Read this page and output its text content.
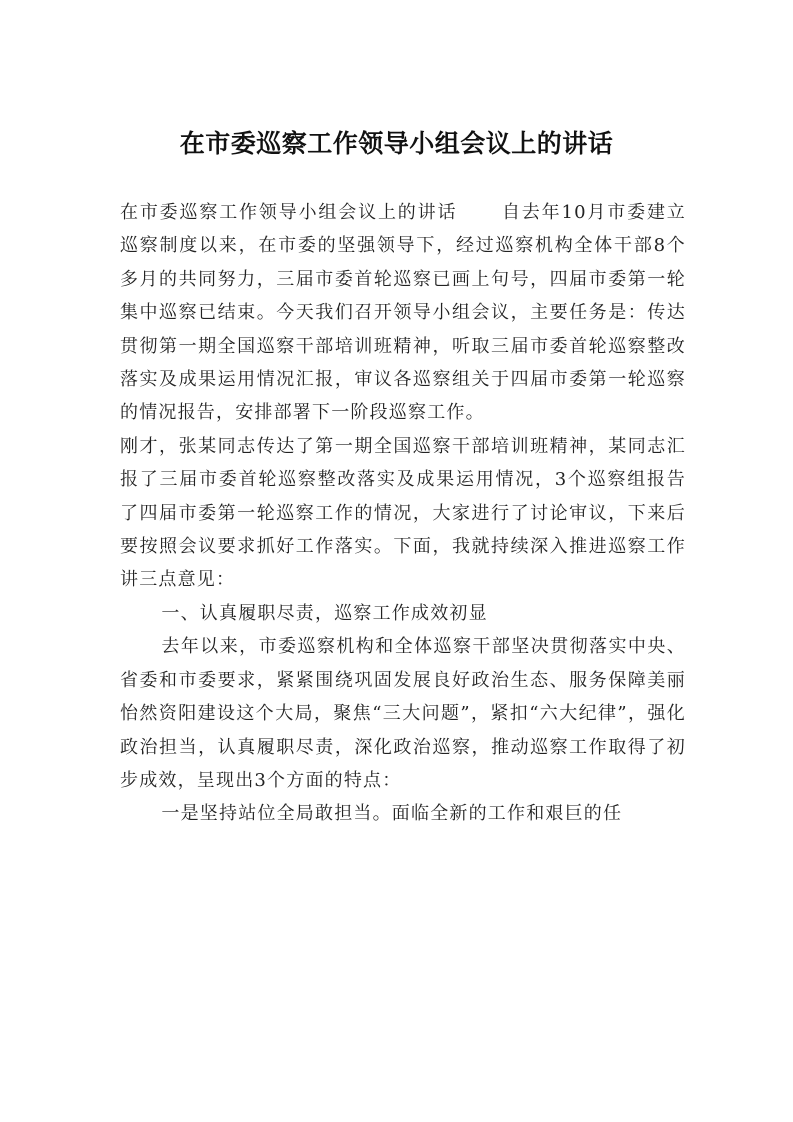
在市委巡察工作领导小组会议上的讲话

在市委巡察工作领导小组会议上的讲话 自去年10月市委建立巡察制度以来，在市委的坚强领导下，经过巡察机构全体干部8个多月的共同努力，三届市委首轮巡察已画上句号，四届市委第一轮集中巡察已结束。今天我们召开领导小组会议，主要任务是：传达贯彻第一期全国巡察干部培训班精神，听取三届市委首轮巡察整改落实及成果运用情况汇报，审议各巡察组关于四届市委第一轮巡察的情况报告，安排部署下一阶段巡察工作。

刚才，张某同志传达了第一期全国巡察干部培训班精神，某同志汇报了三届市委首轮巡察整改落实及成果运用情况，3个巡察组报告了四届市委第一轮巡察工作的情况，大家进行了讨论审议，下来后要按照会议要求抓好工作落实。下面，我就持续深入推进巡察工作讲三点意见：

一、认真履职尽责，巡察工作成效初显

去年以来，市委巡察机构和全体巡察干部坚决贯彻落实中央、省委和市委要求，紧紧围绕巩固发展良好政治生态、服务保障美丽怡然资阳建设这个大局，聚焦“三大问题”，紧扣“六大纪律”，强化政治担当，认真履职尽责，深化政治巡察，推动巡察工作取得了初步成效，呈现出3个方面的特点：

一是坚持站位全局敢担当。面临全新的工作和艰巨的任
